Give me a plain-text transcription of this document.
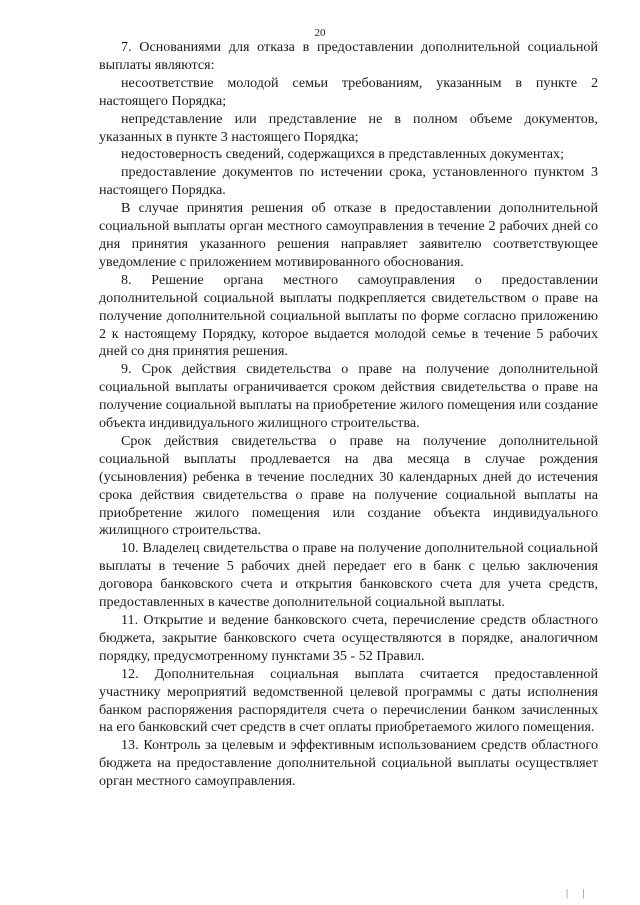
20

7. Основаниями для отказа в предоставлении дополнительной социальной выплаты являются:

несоответствие молодой семьи требованиям, указанным в пункте 2 настоящего Порядка;

непредставление или представление не в полном объеме документов, указанных в пункте 3 настоящего Порядка;

недостоверность сведений, содержащихся в представленных документах;

предоставление документов по истечении срока, установленного пунктом 3 настоящего Порядка.

В случае принятия решения об отказе в предоставлении дополнительной социальной выплаты орган местного самоуправления в течение 2 рабочих дней со дня принятия указанного решения направляет заявителю соответствующее уведомление с приложением мотивированного обоснования.

8. Решение органа местного самоуправления о предоставлении дополнительной социальной выплаты подкрепляется свидетельством о праве на получение дополнительной социальной выплаты по форме согласно приложению 2 к настоящему Порядку, которое выдается молодой семье в течение 5 рабочих дней со дня принятия решения.

9. Срок действия свидетельства о праве на получение дополнительной социальной выплаты ограничивается сроком действия свидетельства о праве на получение социальной выплаты на приобретение жилого помещения или создание объекта индивидуального жилищного строительства.

Срок действия свидетельства о праве на получение дополнительной социальной выплаты продлевается на два месяца в случае рождения (усыновления) ребенка в течение последних 30 календарных дней до истечения срока действия свидетельства о праве на получение социальной выплаты на приобретение жилого помещения или создание объекта индивидуального жилищного строительства.

10. Владелец свидетельства о праве на получение дополнительной социальной выплаты в течение 5 рабочих дней передает его в банк с целью заключения договора банковского счета и открытия банковского счета для учета средств, предоставленных в качестве дополнительной социальной выплаты.

11. Открытие и ведение банковского счета, перечисление средств областного бюджета, закрытие банковского счета осуществляются в порядке, аналогичном порядку, предусмотренному пунктами 35 - 52 Правил.

12. Дополнительная социальная выплата считается предоставленной участнику мероприятий ведомственной целевой программы с даты исполнения банком распоряжения распорядителя счета о перечислении банком зачисленных на его банковский счет средств в счет оплаты приобретаемого жилого помещения.

13. Контроль за целевым и эффективным использованием средств областного бюджета на предоставление дополнительной социальной выплаты осуществляет орган местного самоуправления.

| |
